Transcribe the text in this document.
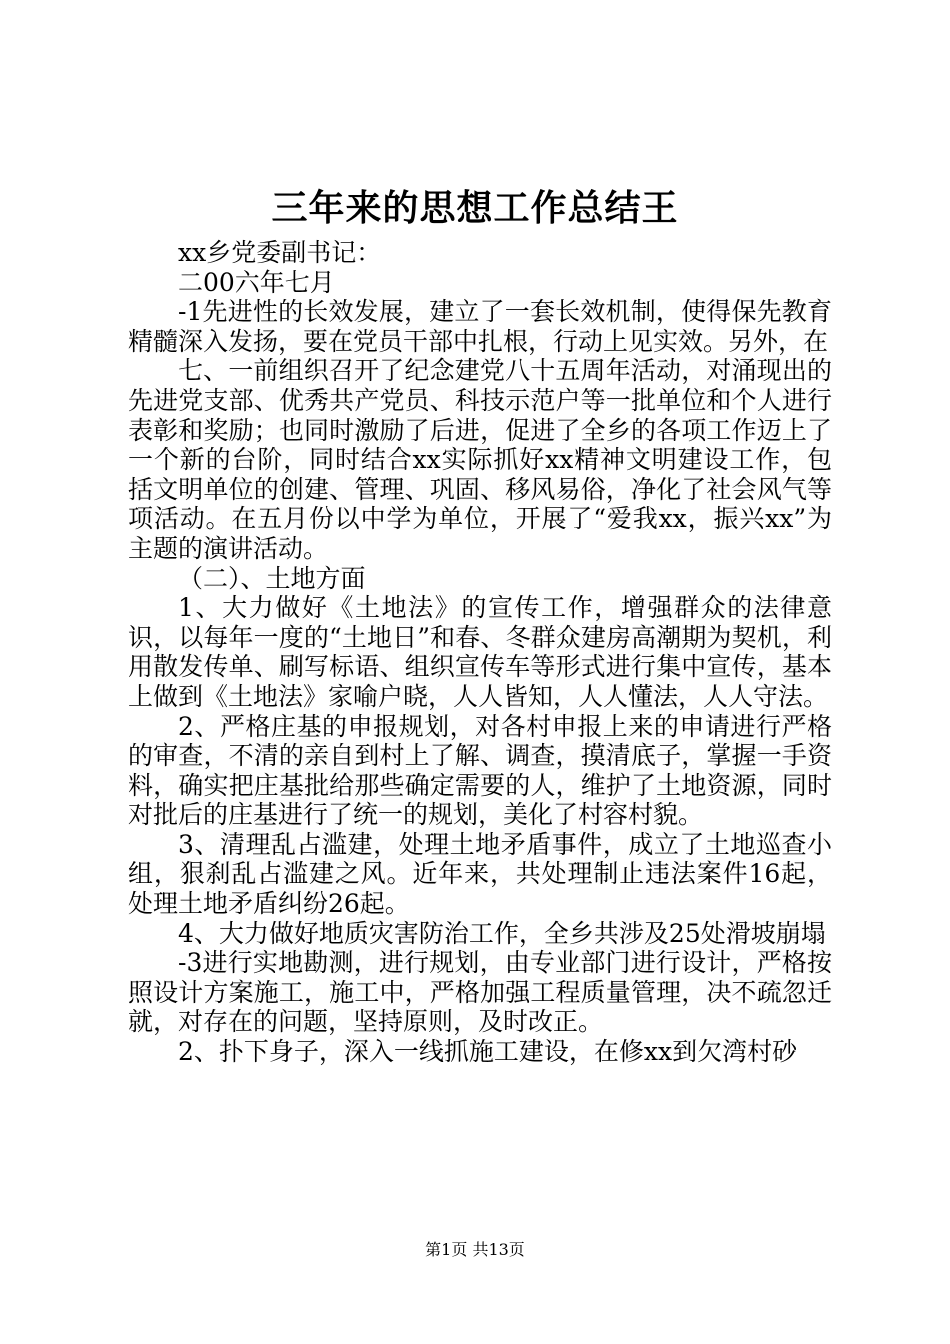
三年来的思想工作总结王

xx乡党委副书记：

二00六年七月

-1先进性的长效发展，建立了一套长效机制，使得保先教育精髓深入发扬，要在党员干部中扎根，行动上见实效。另外，在

七、一前组织召开了纪念建党八十五周年活动，对涌现出的先进党支部、优秀共产党员、科技示范户等一批单位和个人进行表彰和奖励；也同时激励了后进，促进了全乡的各项工作迈上了一个新的台阶，同时结合xx实际抓好xx精神文明建设工作，包括文明单位的创建、管理、巩固、移风易俗，净化了社会风气等项活动。在五月份以中学为单位，开展了“爱我xx，振兴xx”为主题的演讲活动。

（二）、土地方面

1、大力做好《土地法》的宣传工作，增强群众的法律意识，以每年一度的“土地日”和春、冬群众建房高潮期为契机，利用散发传单、刷写标语、组织宣传车等形式进行集中宣传，基本上做到《土地法》家喻户晓，人人皆知，人人懂法，人人守法。

2、严格庄基的申报规划，对各村申报上来的申请进行严格的审查，不清的亲自到村上了解、调查，摸清底子，掌握一手资料，确实把庄基批给那些确定需要的人，维护了土地资源，同时对批后的庄基进行了统一的规划，美化了村容村貌。

3、清理乱占滥建，处理土地矛盾事件，成立了土地巡查小组，狠刹乱占滥建之风。近年来，共处理制止违法案件16起，处理土地矛盾纠纷26起。

4、大力做好地质灾害防治工作，全乡共涉及25处滑坡崩塌

-3进行实地勘测，进行规划，由专业部门进行设计，严格按照设计方案施工，施工中，严格加强工程质量管理，决不疏忽迁就，对存在的问题，坚持原则，及时改正。

2、扑下身子，深入一线抓施工建设，在修xx到欠湾村砂

第1页 共13页
